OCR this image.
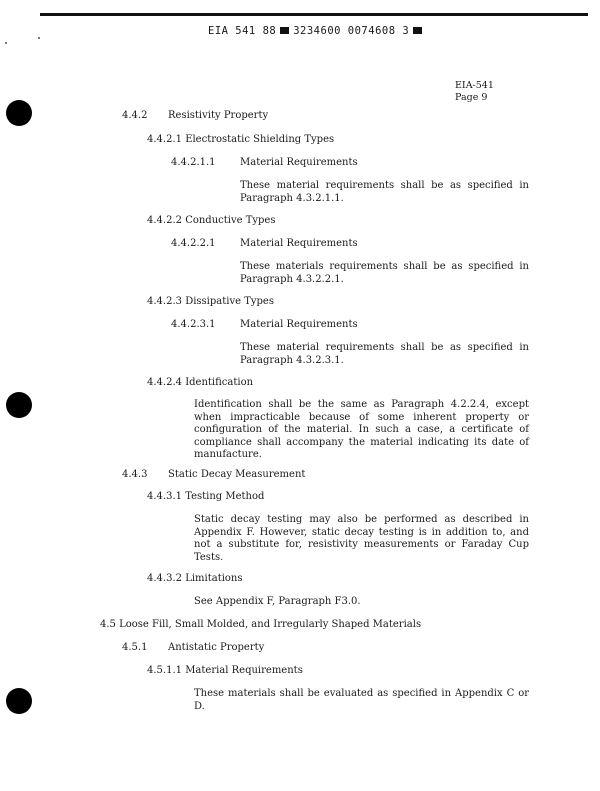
EIA 541 88 3234600 0074608 3
EIA-541
Page 9
4.4.2 Resistivity Property
4.4.2.1 Electrostatic Shielding Types
4.4.2.1.1 Material Requirements

These material requirements shall be as specified in Paragraph 4.3.2.1.1.

4.4.2.2 Conductive Types
4.4.2.2.1 Material Requirements

These materials requirements shall be as specified in Paragraph 4.3.2.2.1.

4.4.2.3 Dissipative Types
4.4.2.3.1 Material Requirements

These material requirements shall be as specified in Paragraph 4.3.2.3.1.

4.4.2.4 Identification

Identification shall be the same as Paragraph 4.2.2.4, except when impracticable because of some inherent property or configuration of the material. In such a case, a certificate of compliance shall accompany the material indicating its date of manufacture.

4.4.3 Static Decay Measurement
4.4.3.1 Testing Method

Static decay testing may also be performed as described in Appendix F. However, static decay testing is in addition to, and not a substitute for, resistivity measurements or Faraday Cup Tests.

4.4.3.2 Limitations
See Appendix F, Paragraph F3.0.
4.5 Loose Fill, Small Molded, and Irregularly Shaped Materials
4.5.1 Antistatic Property
4.5.1.1 Material Requirements

These materials shall be evaluated as specified in Appendix C or D.
